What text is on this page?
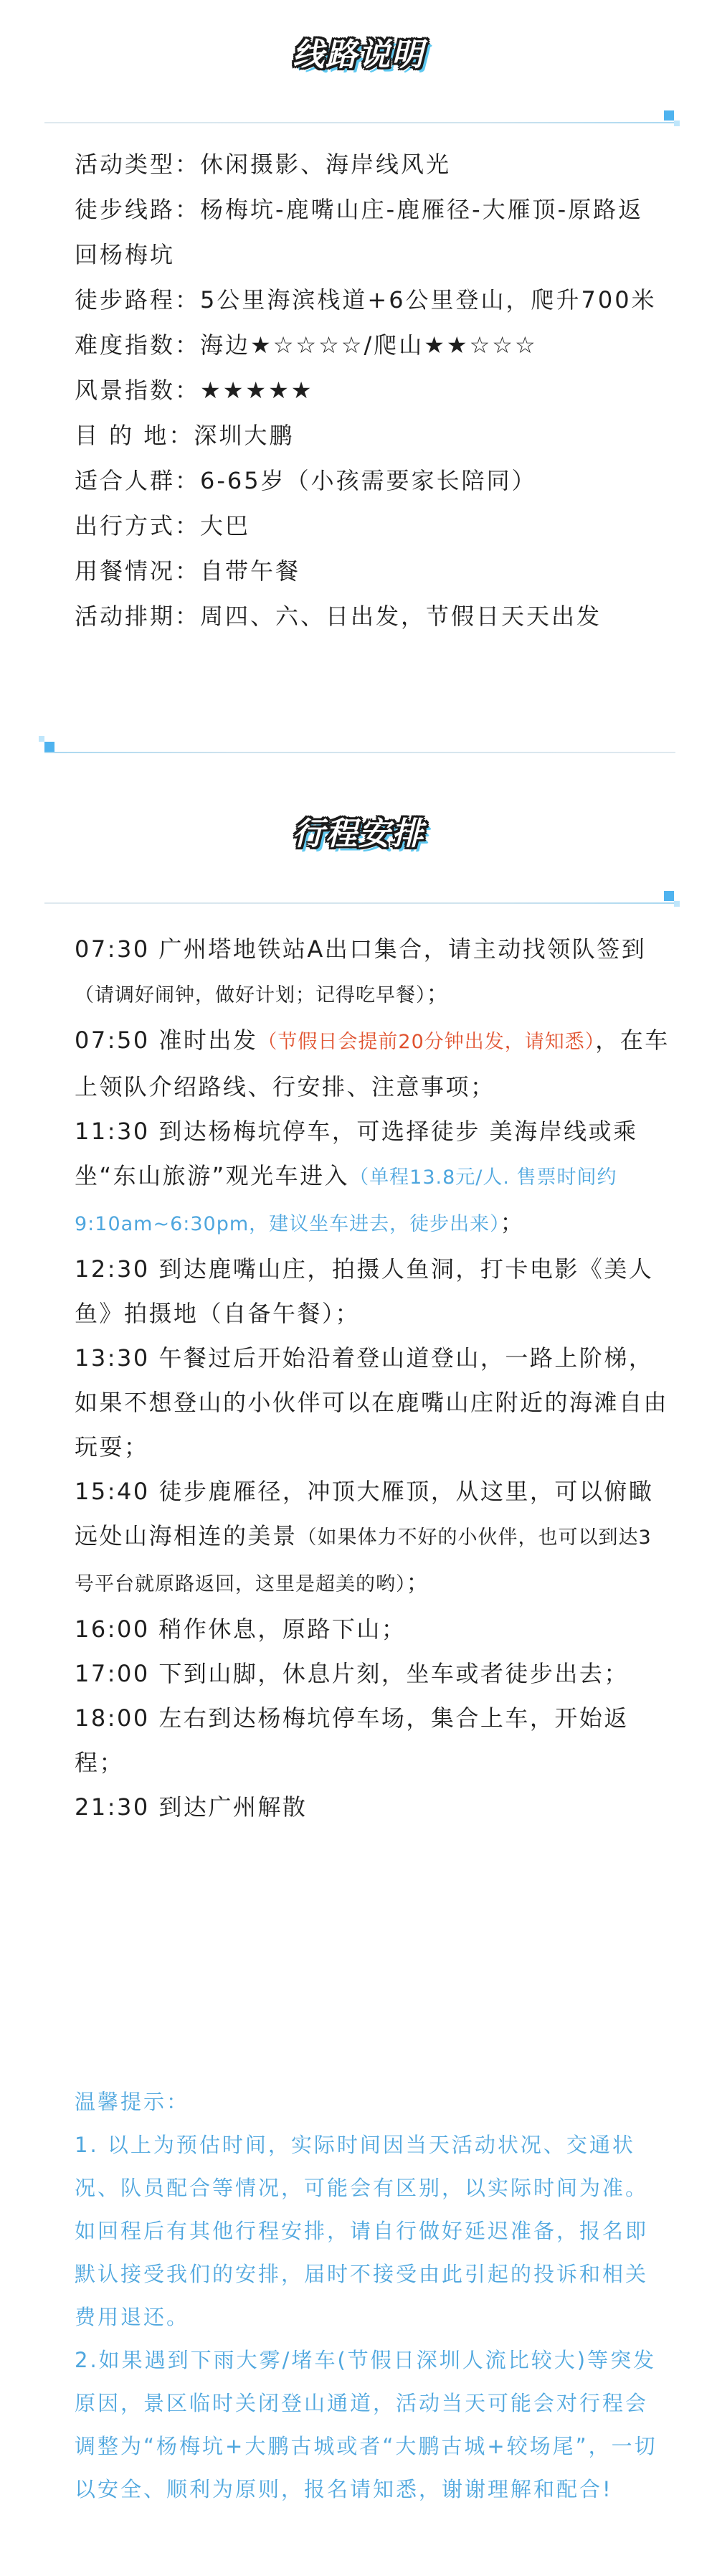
线路说明

活动类型：休闲摄影、海岸线风光

徒步线路：杨梅坑-鹿嘴山庄-鹿雁径-大雁顶-原路返回杨梅坑

徒步路程：5公里海滨栈道+6公里登山，爬升700米

难度指数：海边★☆☆☆☆/爬山★★☆☆☆

风景指数：★★★★★

目 的 地：深圳大鹏

适合人群：6-65岁（小孩需要家长陪同）

出行方式：大巴

用餐情况：自带午餐

活动排期：周四、六、日出发，节假日天天出发

行程安排

07:30 广州塔地铁站A出口集合，请主动找领队签到（请调好闹钟，做好计划；记得吃早餐）；

07:50 准时出发（节假日会提前20分钟出发，请知悉），在车上领队介绍路线、行安排、注意事项；

11:30 到达杨梅坑停车，可选择徒步 美海岸线或乘坐“东山旅游”观光车进入（单程13.8元/人. 售票时间约9:10am~6:30pm，建议坐车进去，徒步出来）；

12:30 到达鹿嘴山庄，拍摄人鱼洞，打卡电影《美人鱼》拍摄地（自备午餐）；

13:30 午餐过后开始沿着登山道登山，一路上阶梯，如果不想登山的小伙伴可以在鹿嘴山庄附近的海滩自由玩耍；

15:40 徒步鹿雁径，冲顶大雁顶，从这里，可以俯瞰远处山海相连的美景（如果体力不好的小伙伴，也可以到达3号平台就原路返回，这里是超美的哟）；

16:00 稍作休息，原路下山；

17:00 下到山脚，休息片刻，坐车或者徒步出去；

18:00 左右到达杨梅坑停车场，集合上车，开始返程；

21:30 到达广州解散

温馨提示：

1. 以上为预估时间，实际时间因当天活动状况、交通状况、队员配合等情况，可能会有区别，以实际时间为准。如回程后有其他行程安排，请自行做好延迟准备，报名即默认接受我们的安排，届时不接受由此引起的投诉和相关费用退还。

2.如果遇到下雨大雾/堵车(节假日深圳人流比较大)等突发原因，景区临时关闭登山通道，活动当天可能会对行程会调整为“杨梅坑+大鹏古城或者“大鹏古城+较场尾”，一切以安全、顺利为原则，报名请知悉，谢谢理解和配合!
